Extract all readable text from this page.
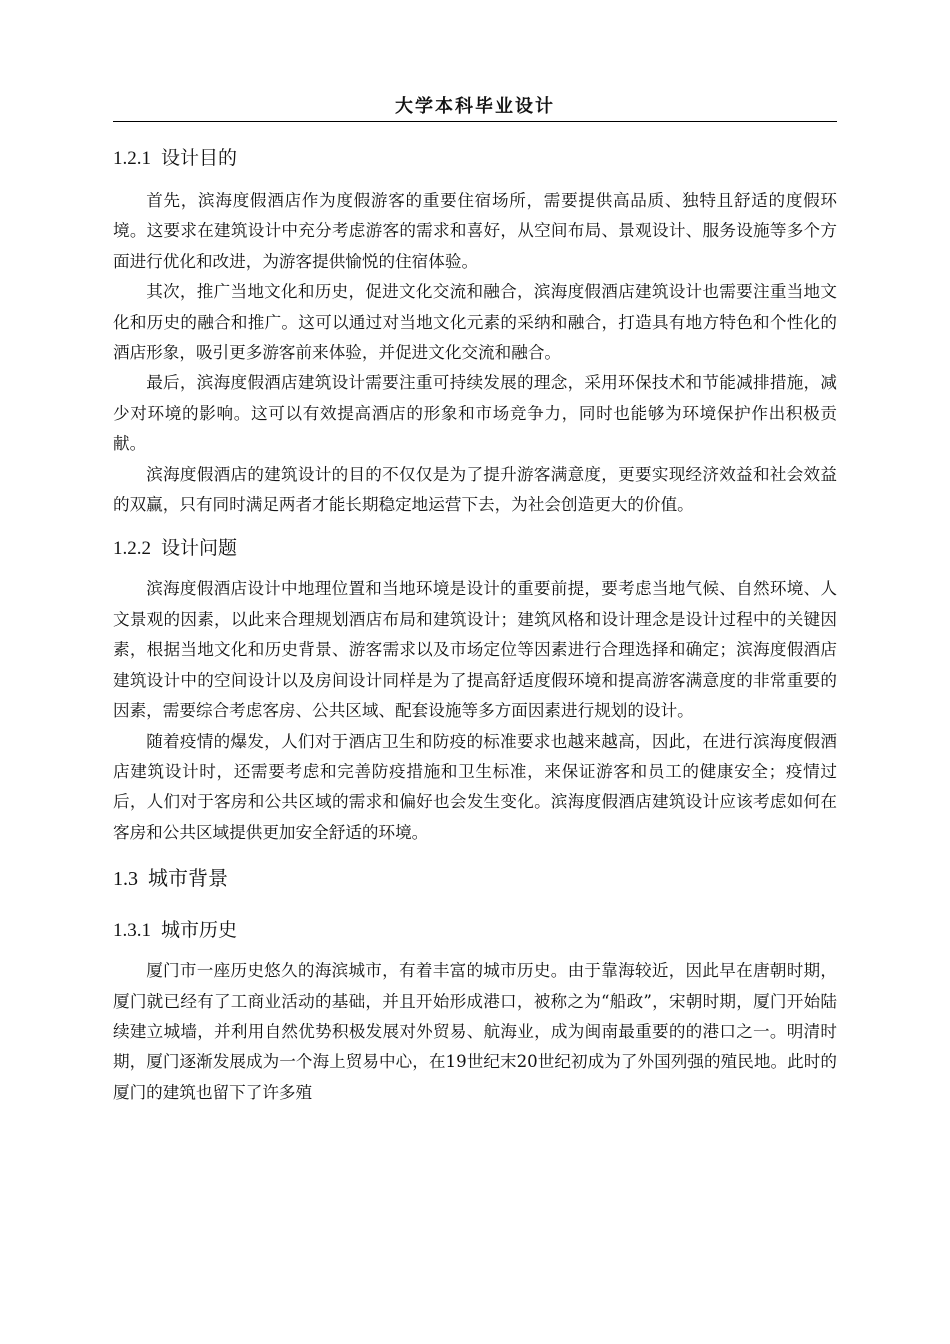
大学本科毕业设计
1.2.1 设计目的

首先，滨海度假酒店作为度假游客的重要住宿场所，需要提供高品质、独特且舒适的度假环境。这要求在建筑设计中充分考虑游客的需求和喜好，从空间布局、景观设计、服务设施等多个方面进行优化和改进，为游客提供愉悦的住宿体验。

其次，推广当地文化和历史，促进文化交流和融合，滨海度假酒店建筑设计也需要注重当地文化和历史的融合和推广。这可以通过对当地文化元素的采纳和融合，打造具有地方特色和个性化的酒店形象，吸引更多游客前来体验，并促进文化交流和融合。

最后，滨海度假酒店建筑设计需要注重可持续发展的理念，采用环保技术和节能减排措施，减少对环境的影响。这可以有效提高酒店的形象和市场竞争力，同时也能够为环境保护作出积极贡献。

滨海度假酒店的建筑设计的目的不仅仅是为了提升游客满意度，更要实现经济效益和社会效益的双赢，只有同时满足两者才能长期稳定地运营下去，为社会创造更大的价值。

1.2.2 设计问题

滨海度假酒店设计中地理位置和当地环境是设计的重要前提，要考虑当地气候、自然环境、人文景观的因素，以此来合理规划酒店布局和建筑设计；建筑风格和设计理念是设计过程中的关键因素，根据当地文化和历史背景、游客需求以及市场定位等因素进行合理选择和确定；滨海度假酒店建筑设计中的空间设计以及房间设计同样是为了提高舒适度假环境和提高游客满意度的非常重要的因素，需要综合考虑客房、公共区域、配套设施等多方面因素进行规划的设计。

随着疫情的爆发，人们对于酒店卫生和防疫的标准要求也越来越高，因此，在进行滨海度假酒店建筑设计时，还需要考虑和完善防疫措施和卫生标准，来保证游客和员工的健康安全；疫情过后，人们对于客房和公共区域的需求和偏好也会发生变化。滨海度假酒店建筑设计应该考虑如何在客房和公共区域提供更加安全舒适的环境。

1.3 城市背景
1.3.1 城市历史

厦门市一座历史悠久的海滨城市，有着丰富的城市历史。由于靠海较近，因此早在唐朝时期，厦门就已经有了工商业活动的基础，并且开始形成港口，被称之为“船政”，宋朝时期，厦门开始陆续建立城墙，并利用自然优势积极发展对外贸易、航海业，成为闽南最重要的的港口之一。明清时期，厦门逐渐发展成为一个海上贸易中心，在19世纪末20世纪初成为了外国列强的殖民地。此时的厦门的建筑也留下了许多殖
